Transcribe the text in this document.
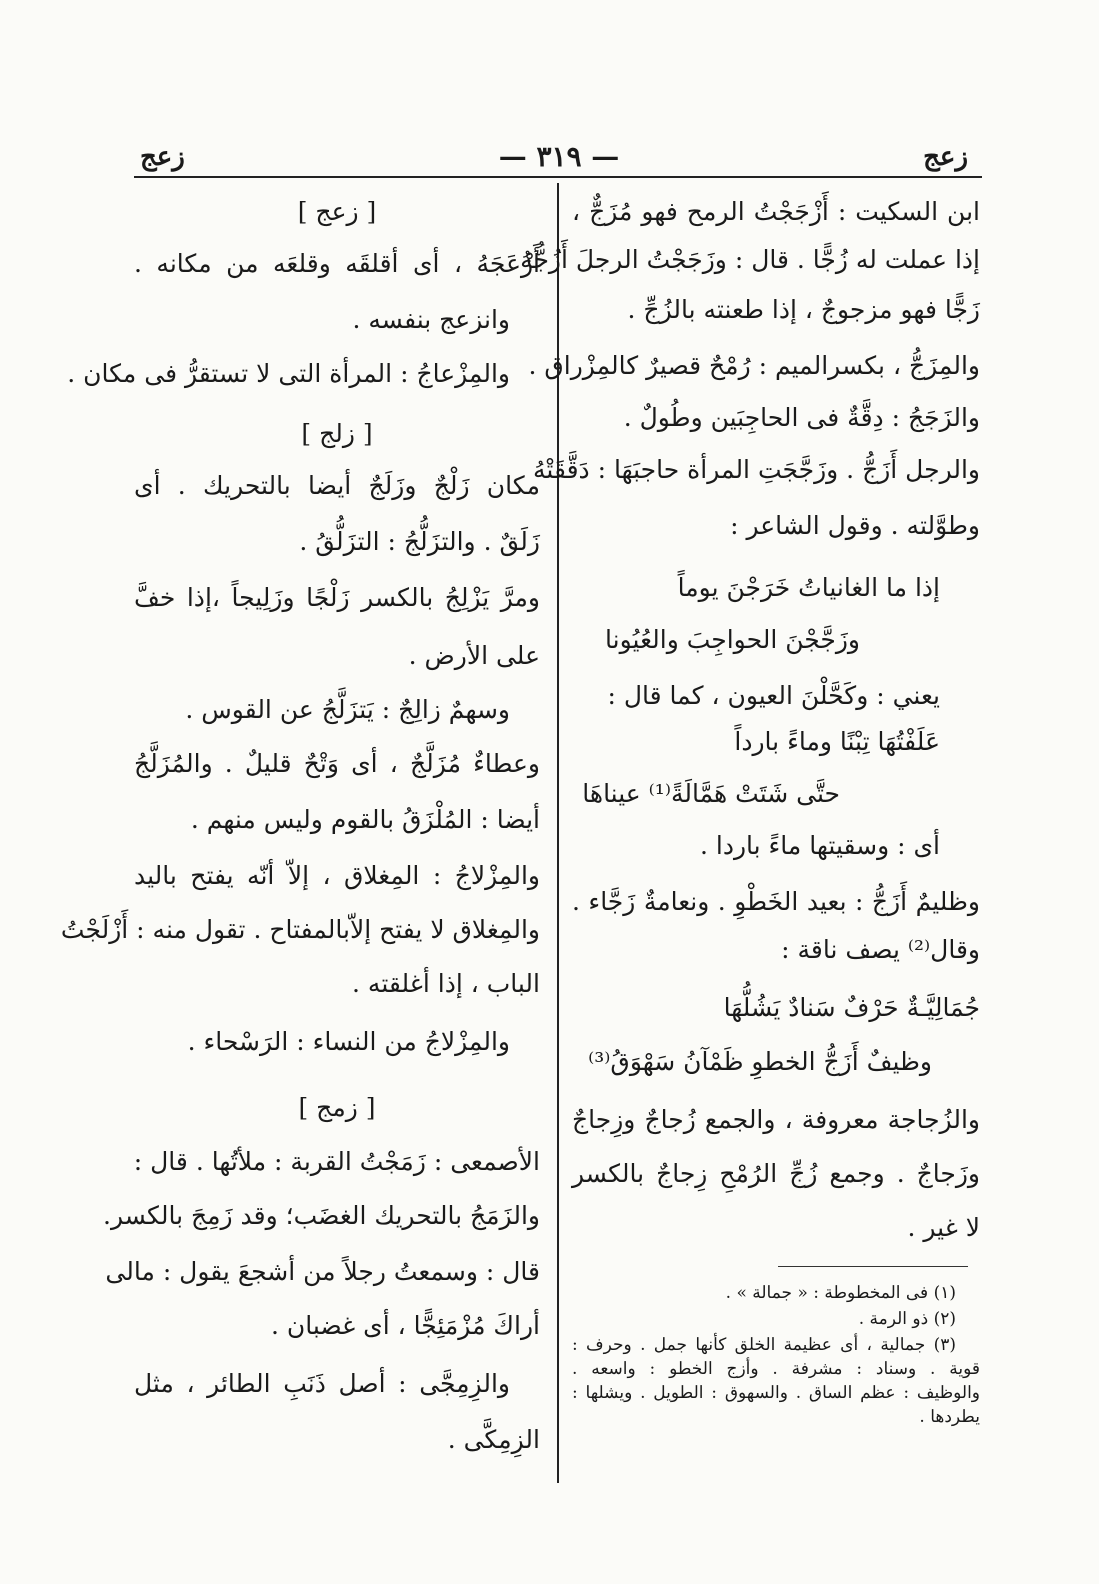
زعج
— ٣١٩ —
زعج
ابن السكيت : أَزْجَجْتُ الرمح فهو مُزَجٌّ ،
إذا عملت له زُجًّا . قال : وزَجَجْتُ الرجلَ أَزُجُّهُ
زَجًّا فهو مزجوجٌ ، إذا طعنته بالزُجِّ .
والمِزَجُّ ، بكسرالميم : رُمْحٌ قصيرٌ كالمِزْراق .
والزَجَجُ : دِقَّةٌ فى الحاجِبَين وطُولٌ .
والرجل أَزَجُّ . وزَجَّجَتِ المرأة حاجبَهَا : دَقَّقَتْهُ
وطوَّلته . وقول الشاعر :
إذا ما الغانياتُ خَرَجْنَ يوماً
وزَجَّجْنَ الحواجِبَ والعُيُونا
يعني : وكَحَّلْنَ العيون ، كما قال :
عَلَفْتُهَا تِبْنًا وماءً بارداً
حتَّى شَتَتْ هَمَّالَةً⁽¹⁾ عيناهَا
أى : وسقيتها ماءً باردا .
وظليمٌ أَزَجُّ : بعيد الخَطْوِ . ونعامةٌ زَجَّاء .
وقال⁽²⁾ يصف ناقة :
جُمَالِيَّـةٌ حَرْفٌ سَنادٌ يَشُلُّهَا
وظيفٌ أَزَجُّ الخطوِ ظَمْآنُ سَهْوَقُ⁽³⁾
والزُجاجة معروفة ، والجمع زُجاجٌ وزِجاجٌ
وزَجاجٌ . وجمع زُجِّ الرُمْحِ زِجاجٌ بالكسر
لا غير .
(١) فى المخطوطة : « جمالة » .
(٢) ذو الرمة .
(٣) جمالية ، أى عظيمة الخلق كأنها جمل . وحرف :
قوية . وسناد : مشرفة . وأزج الخطو : واسعه .
والوظيف : عظم الساق . والسهوق : الطويل . ويشلها :
يطردها .
[ زعج ]
أَزْعَجَهُ ، أى أقلقَه وقلعَه من مكانه .
وانزعج بنفسه .
والمِزْعاجُ : المرأة التى لا تستقرُّ فى مكان .
[ زلج ]
مكان زَلْجٌ وزَلَجٌ أيضا بالتحريك . أى
زَلَقٌ . والتزَلُّجُ : التزَلُّقُ .
ومرَّ يَزْلِجُ بالكسر زَلْجًا وزَلِيجاً ،إذا خفَّ
على الأرض .
وسهمٌ زالِجٌ : يَتزَلَّجُ عن القوس .
وعطاءٌ مُزَلَّجٌ ، أى وَتْحٌ قليلٌ . والمُزَلَّجُ
أيضا : المُلْزَقُ بالقوم وليس منهم .
والمِزْلاجُ : المِغلاق ، إلاّ أنّه يفتح باليد
والمِغلاق لا يفتح إلاّبالمفتاح . تقول منه : أَزْلَجْتُ
الباب ، إذا أغلقته .
والمِزْلاجُ من النساء : الرَسْحاء .
[ زمج ]
الأصمعى : زَمَجْتُ القربة : ملأتُها . قال :
والزَمَجُ بالتحريك الغضَب؛ وقد زَمِجَ بالكسر.
قال : وسمعتُ رجلاً من أشجعَ يقول : مالى
أراكَ مُزْمَئِجًّا ، أى غضبان .
والزِمِجَّى : أصل ذَنَبِ الطائر ، مثل
الزِمِكَّى .
